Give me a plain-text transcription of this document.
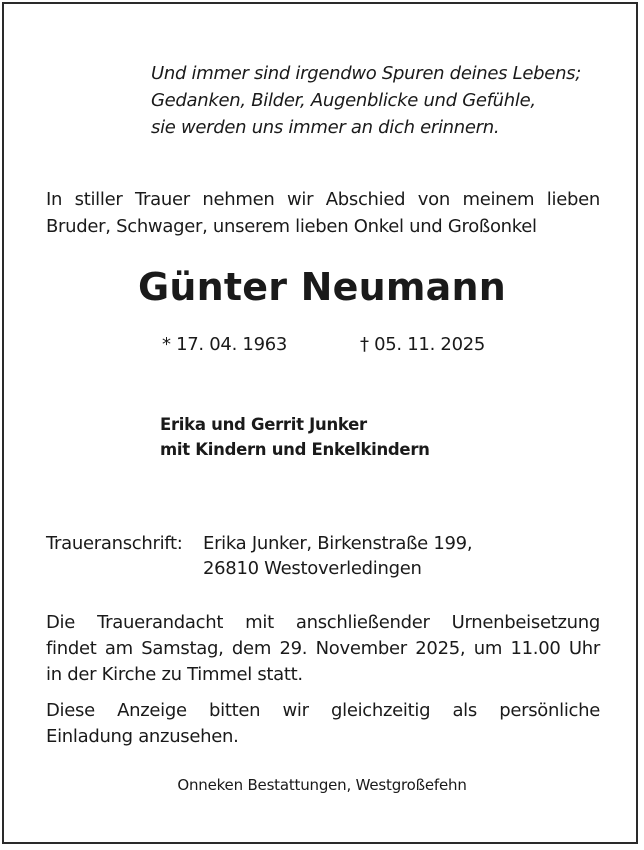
Und immer sind irgendwo Spuren deines Lebens;
Gedanken, Bilder, Augenblicke und Gefühle,
sie werden uns immer an dich erinnern.
In stiller Trauer nehmen wir Abschied von meinem lieben
Bruder, Schwager, unserem lieben Onkel und Großonkel
Günter Neumann
* 17. 04. 1963	† 05. 11. 2025
Erika und Gerrit Junker
mit Kindern und Enkelkindern
Traueranschrift: Erika Junker, Birkenstraße 199,
26810 Westoverledingen
Die Trauerandacht mit anschließender Urnenbeisetzung
findet am Samstag, dem 29. November 2025, um 11.00 Uhr
in der Kirche zu Timmel statt.
Diese Anzeige bitten wir gleichzeitig als persönliche
Einladung anzusehen.
Onneken Bestattungen, Westgroßefehn
